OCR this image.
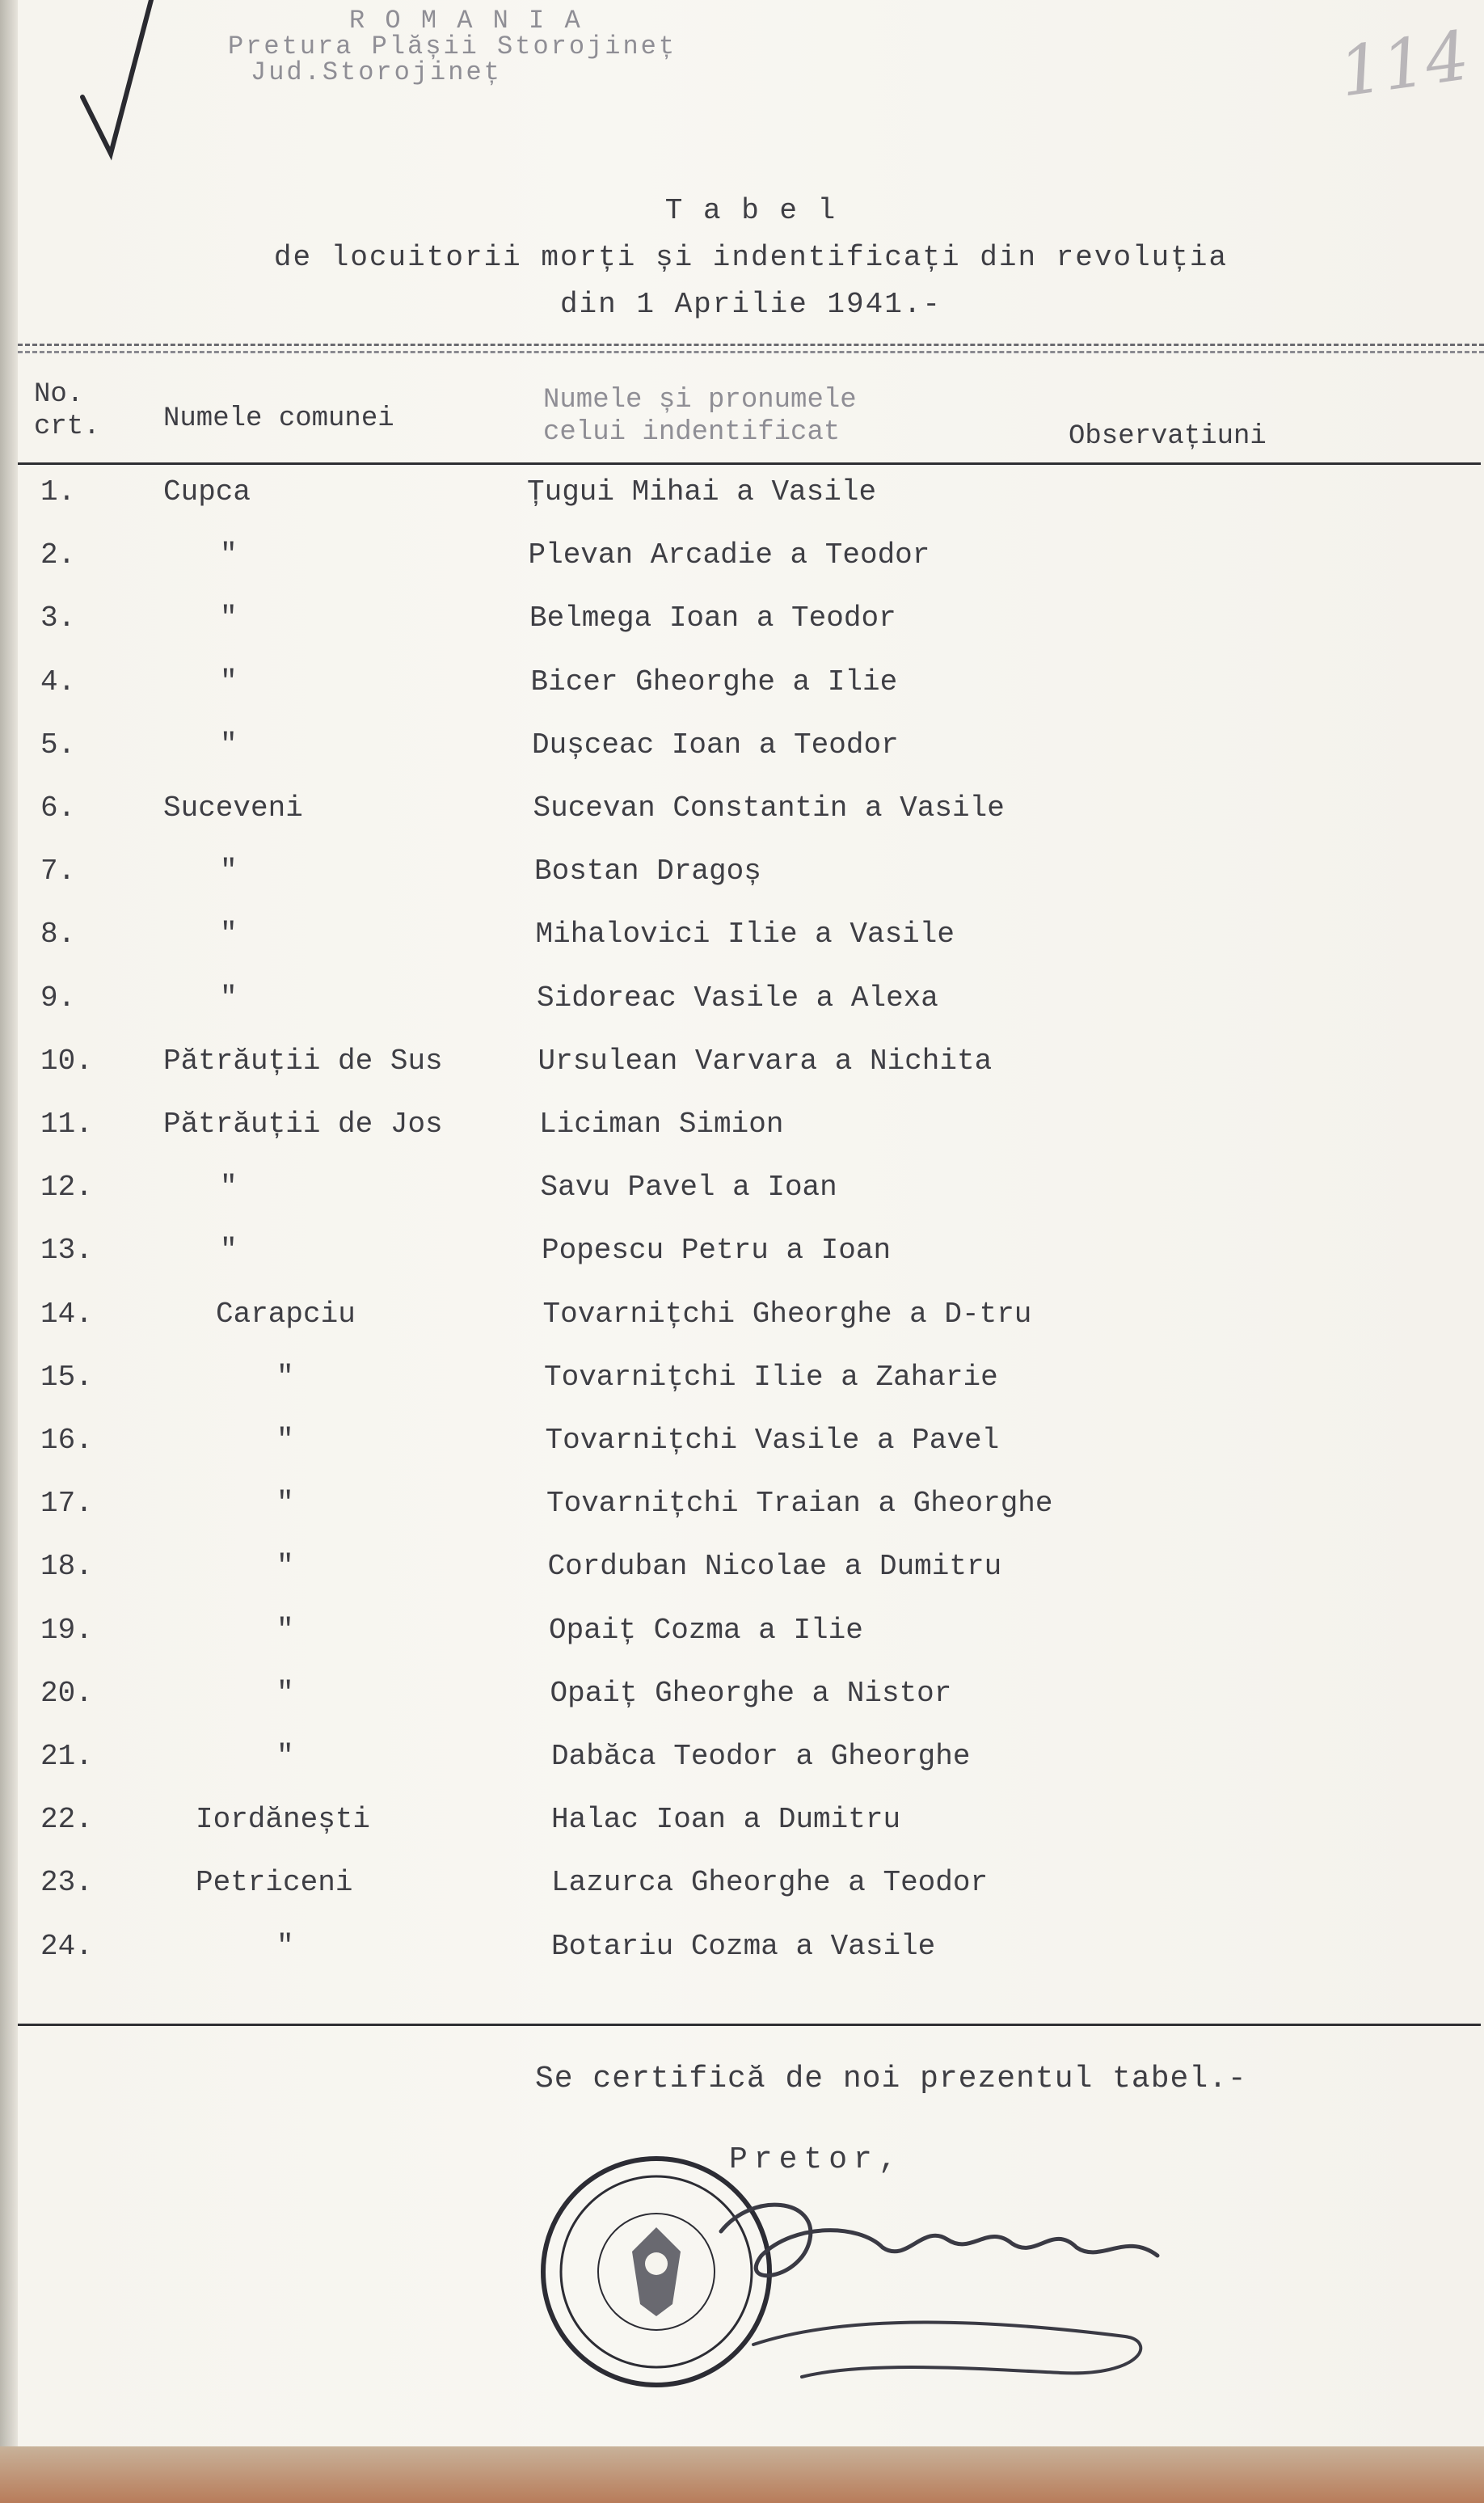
R O M A N I A
Pretura Plășii Storojineț
Jud.Storojineț	114
T a b e l
de locuitorii morți și indentificați din revoluția
din 1 Aprilie 1941.-
No.
crt. Numele comunei
Numele și pronumele
celui indentificat	Observațiuni
1.	Cupca	Țugui Mihai a Vasile
2.	"	Plevan Arcadie a Teodor
3.	"	Belmega Ioan a Teodor
4.	"	Bicer Gheorghe a Ilie
5.	"	Dușceac Ioan a Teodor
6.	Suceveni	Sucevan Constantin a Vasile
7.	"	Bostan Dragoș
8.	"	Mihalovici Ilie a Vasile
9.	"	Sidoreac Vasile a Alexa
10. Pătrăuții de Sus	Ursulean Varvara a Nichita
11. Pătrăuții de Jos	Liciman Simion
12.	"	Savu Pavel a Ioan
13.	"	Popescu Petru a Ioan
14.	Carapciu	Tovarnițchi Gheorghe a D-tru
15.	"	Tovarnițchi Ilie a Zaharie
16.	"	Tovarnițchi Vasile a Pavel
17.	"	Tovarnițchi Traian a Gheorghe
18.	"	Corduban Nicolae a Dumitru
19.	"	Opaiț Cozma a Ilie
20.	"	Opaiț Gheorghe a Nistor
21.	"	Dabăca Teodor a Gheorghe
22.	Iordănești	Halac Ioan a Dumitru
23.	Petriceni	Lazurca Gheorghe a Teodor
24.	"	Botariu Cozma a Vasile
Se certifică de noi prezentul tabel.-
Pretor,
